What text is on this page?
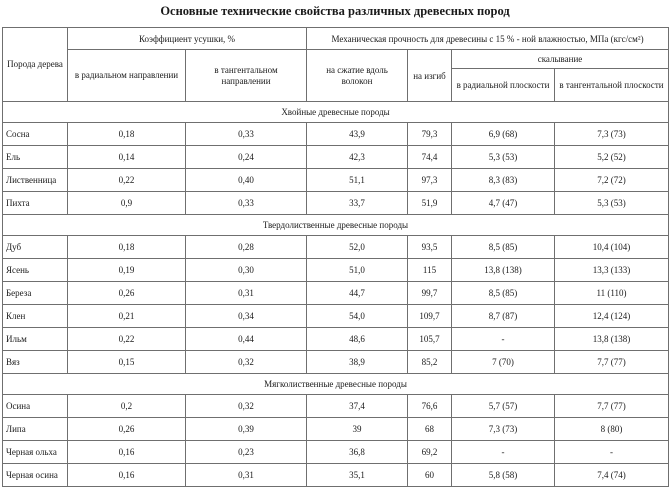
Основные технические свойства различных древесных пород
Порода дерева	Коэффициент усушки, %		Механическая прочность для древесины с 15 % - ной влажностью, МПа (кгс/см²)			
	в радиальном направлении	в тангентальном направлении	на сжатие вдоль волокон	на изгиб	скалывание	
					в радиальной плоскости	в тангентальной плоскости
Хвойные древесные породы						
Сосна	0,18	0,33	43,9	79,3	6,9 (68)	7,3 (73)
Ель	0,14	0,24	42,3	74,4	5,3 (53)	5,2 (52)
Лиственница	0,22	0,40	51,1	97,3	8,3 (83)	7,2 (72)
Пихта	0,9	0,33	33,7	51,9	4,7 (47)	5,3 (53)
Твердолиственные древесные породы						
Дуб	0,18	0,28	52,0	93,5	8,5 (85)	10,4 (104)
Ясень	0,19	0,30	51,0	115	13,8 (138)	13,3 (133)
Береза	0,26	0,31	44,7	99,7	8,5 (85)	11 (110)
Клен	0,21	0,34	54,0	109,7	8,7 (87)	12,4 (124)
Ильм	0,22	0,44	48,6	105,7	-	13,8 (138)
Вяз	0,15	0,32	38,9	85,2	7 (70)	7,7 (77)
Мягколиственные древесные породы						
Осина	0,2	0,32	37,4	76,6	5,7 (57)	7,7 (77)
Липа	0,26	0,39	39	68	7,3 (73)	8 (80)
Черная ольха	0,16	0,23	36,8	69,2	-	-
Черная осина	0,16	0,31	35,1	60	5,8 (58)	7,4 (74)
